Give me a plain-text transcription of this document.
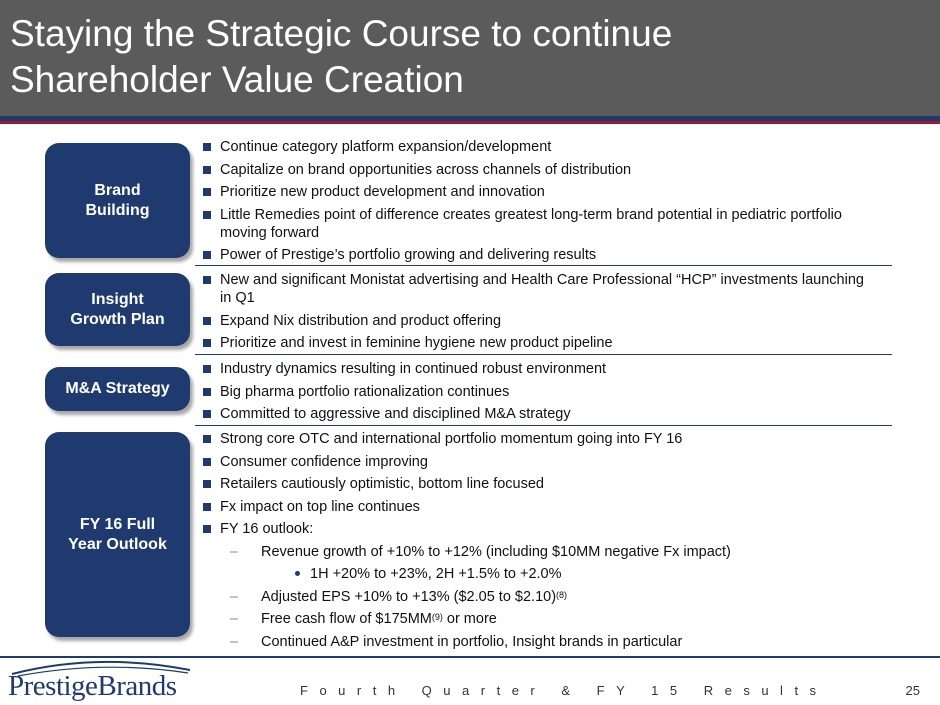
Staying the Strategic Course to continue
Shareholder Value Creation
Brand
Building
Continue category platform expansion/development
Capitalize on brand opportunities across channels of distribution
Prioritize new product development and innovation
Little Remedies point of difference creates greatest long-term brand potential in pediatric portfolio moving forward
Power of Prestige’s portfolio growing and delivering results
Insight
Growth Plan
New and significant Monistat advertising and Health Care Professional “HCP” investments launching in Q1
Expand Nix distribution and product offering
Prioritize and invest in feminine hygiene new product pipeline
M&A Strategy
Industry dynamics resulting in continued robust environment
Big pharma portfolio rationalization continues
Committed to aggressive and disciplined M&A strategy
FY 16 Full
Year Outlook
Strong core OTC and international portfolio momentum going into FY 16
Consumer confidence improving
Retailers cautiously optimistic, bottom line focused
Fx impact on top line continues
FY 16 outlook:
– Revenue growth of +10% to +12% (including $10MM negative Fx impact)
1H +20% to +23%, 2H +1.5% to +2.0%
– Adjusted EPS +10% to +13% ($2.05 to $2.10)$^{(8)}$
– Free cash flow of $175MM$^{(9)}$ or more
– Continued A&P investment in portfolio, Insight brands in particular
PrestigeBrands	Fourth Quarter & FY 15 Results	25
